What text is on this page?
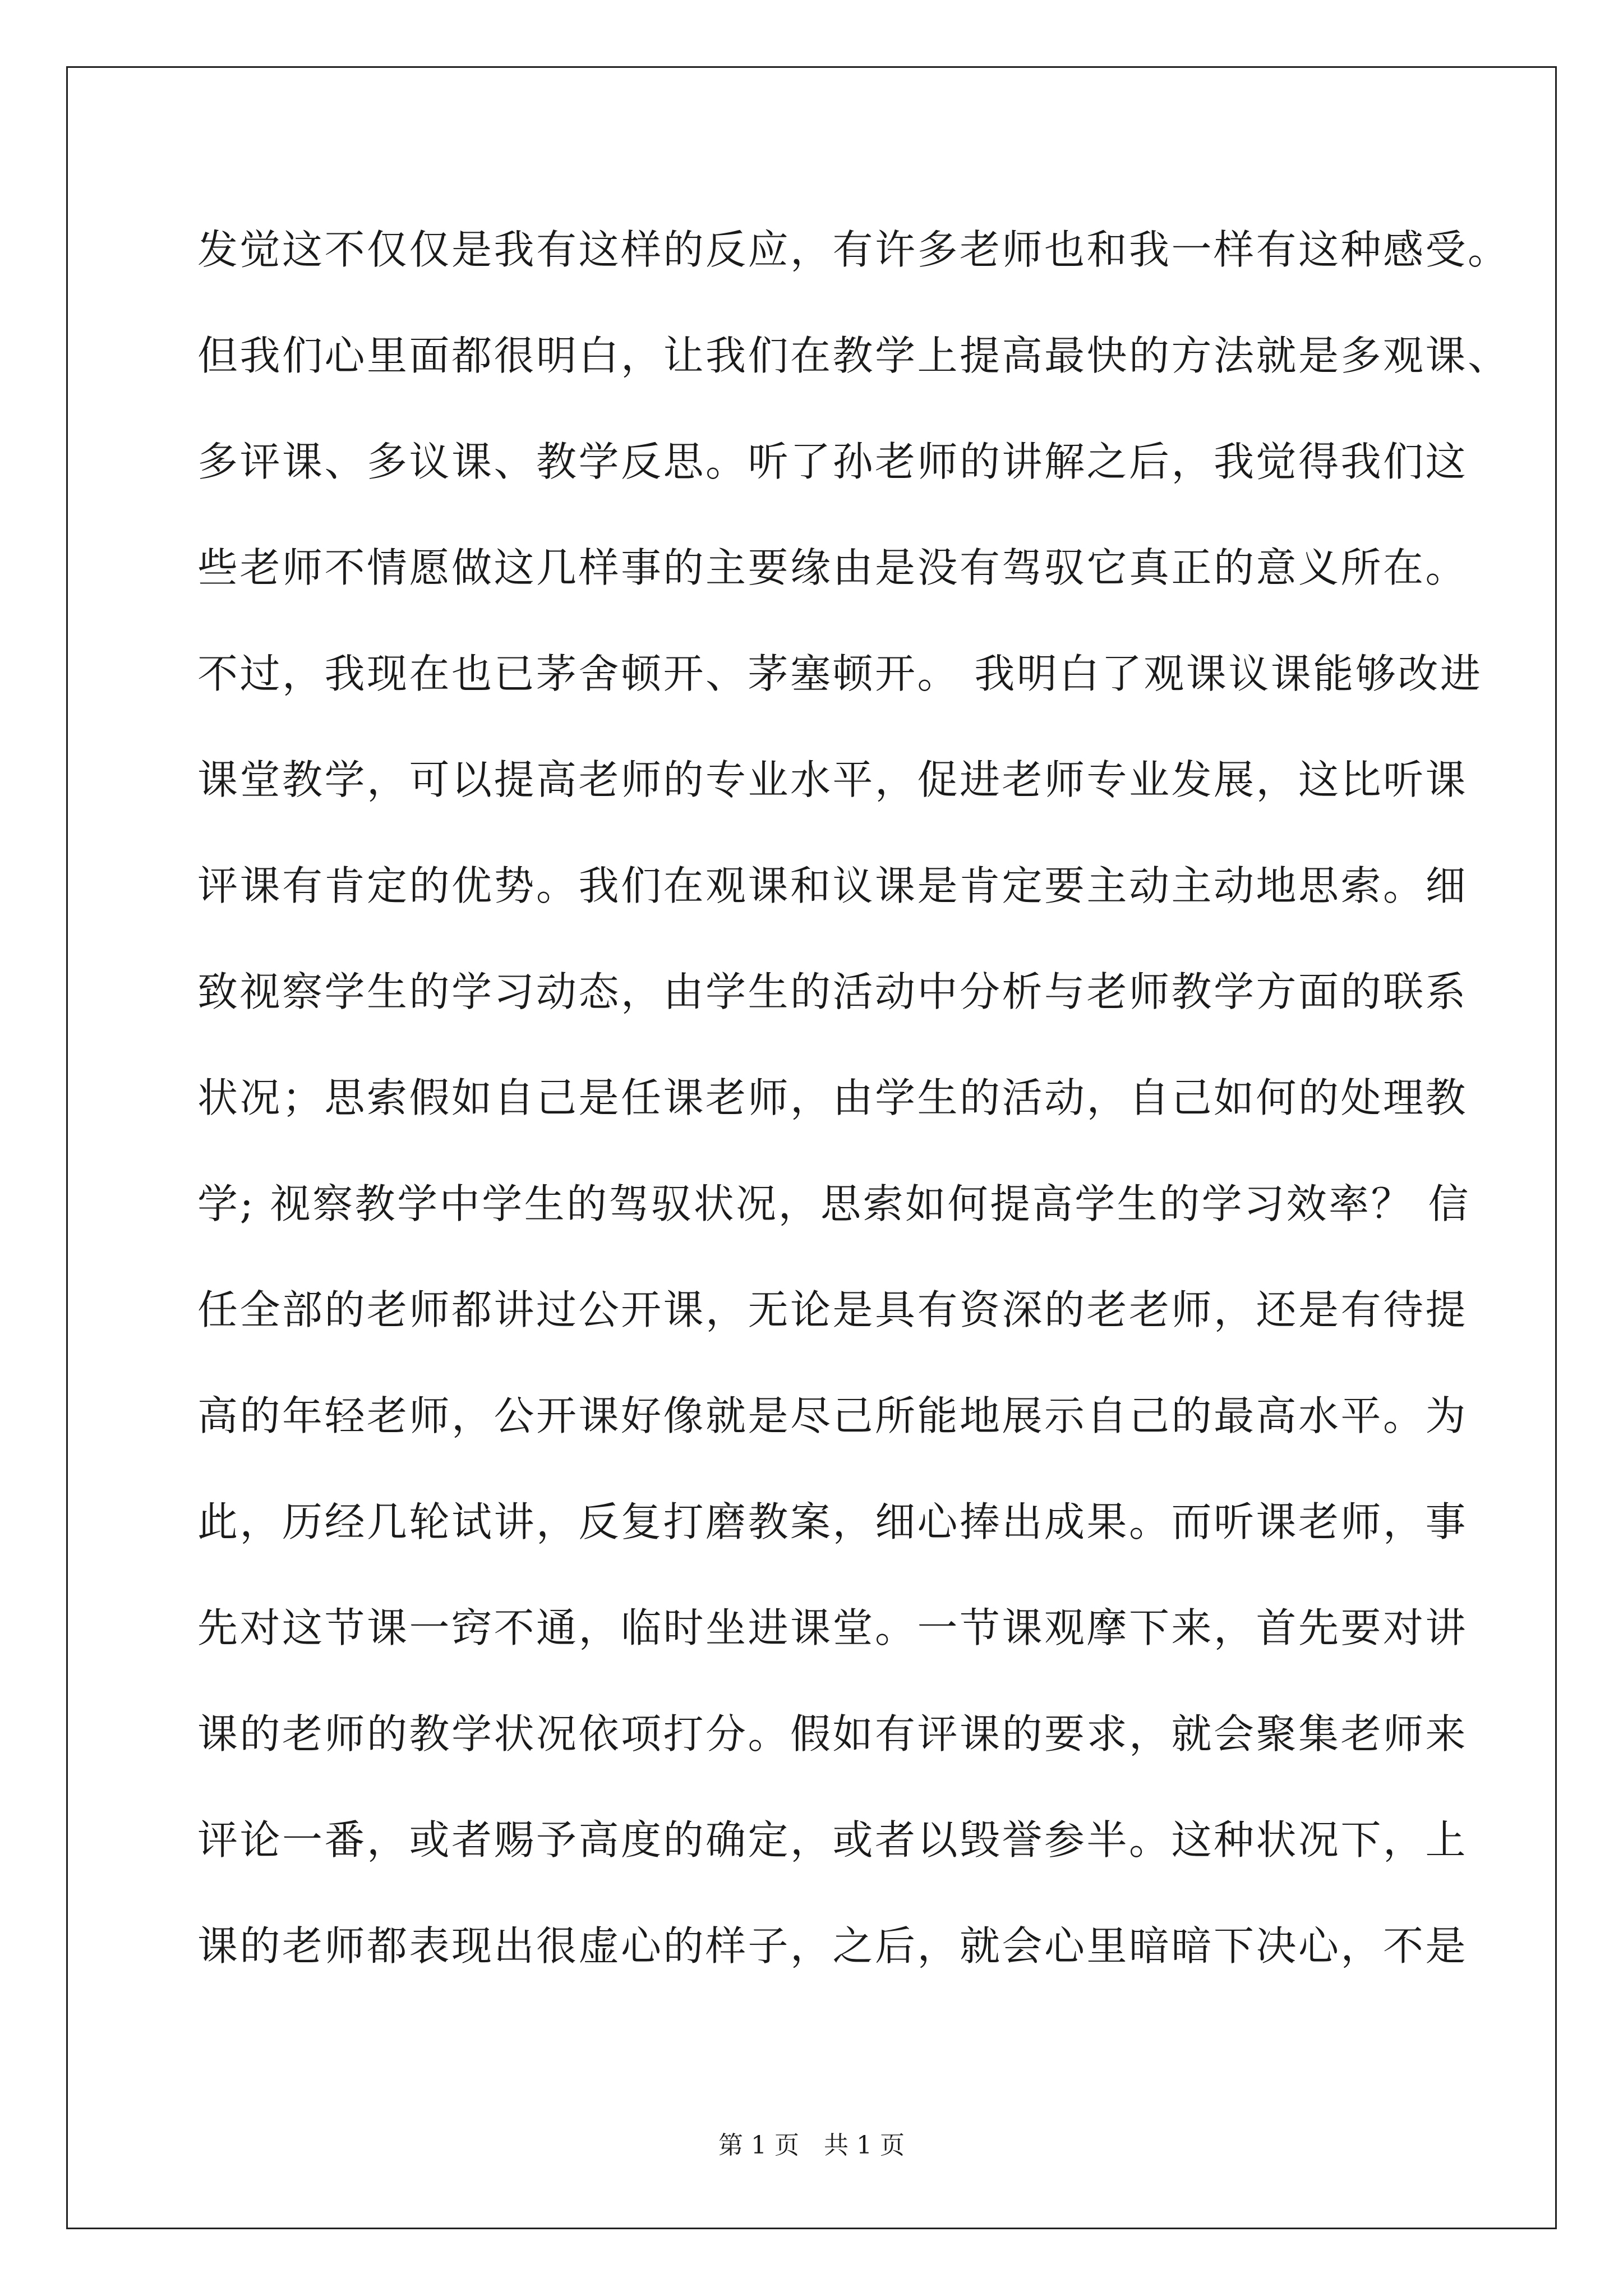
发觉这不仅仅是我有这样的反应，有许多老师也和我一样有这种感受。
但我们心里面都很明白，让我们在教学上提高最快的方法就是多观课、
多评课、多议课、教学反思。听了孙老师的讲解之后，我觉得我们这
些老师不情愿做这几样事的主要缘由是没有驾驭它真正的意义所在。
不过，我现在也已茅舍顿开、茅塞顿开。 我明白了观课议课能够改进
课堂教学，可以提高老师的专业水平，促进老师专业发展，这比听课
评课有肯定的优势。我们在观课和议课是肯定要主动主动地思索。细
致视察学生的学习动态，由学生的活动中分析与老师教学方面的联系
状况；思索假如自己是任课老师，由学生的活动，自己如何的处理教
学; 视察教学中学生的驾驭状况，思索如何提高学生的学习效率？ 信
任全部的老师都讲过公开课，无论是具有资深的老老师，还是有待提
高的年轻老师，公开课好像就是尽己所能地展示自己的最高水平。为
此，历经几轮试讲，反复打磨教案，细心捧出成果。而听课老师，事
先对这节课一窍不通，临时坐进课堂。一节课观摩下来，首先要对讲
课的老师的教学状况依项打分。假如有评课的要求，就会聚集老师来
评论一番，或者赐予高度的确定，或者以毁誉参半。这种状况下，上
课的老师都表现出很虚心的样子，之后，就会心里暗暗下决心，不是
第 1 页 共 1 页
